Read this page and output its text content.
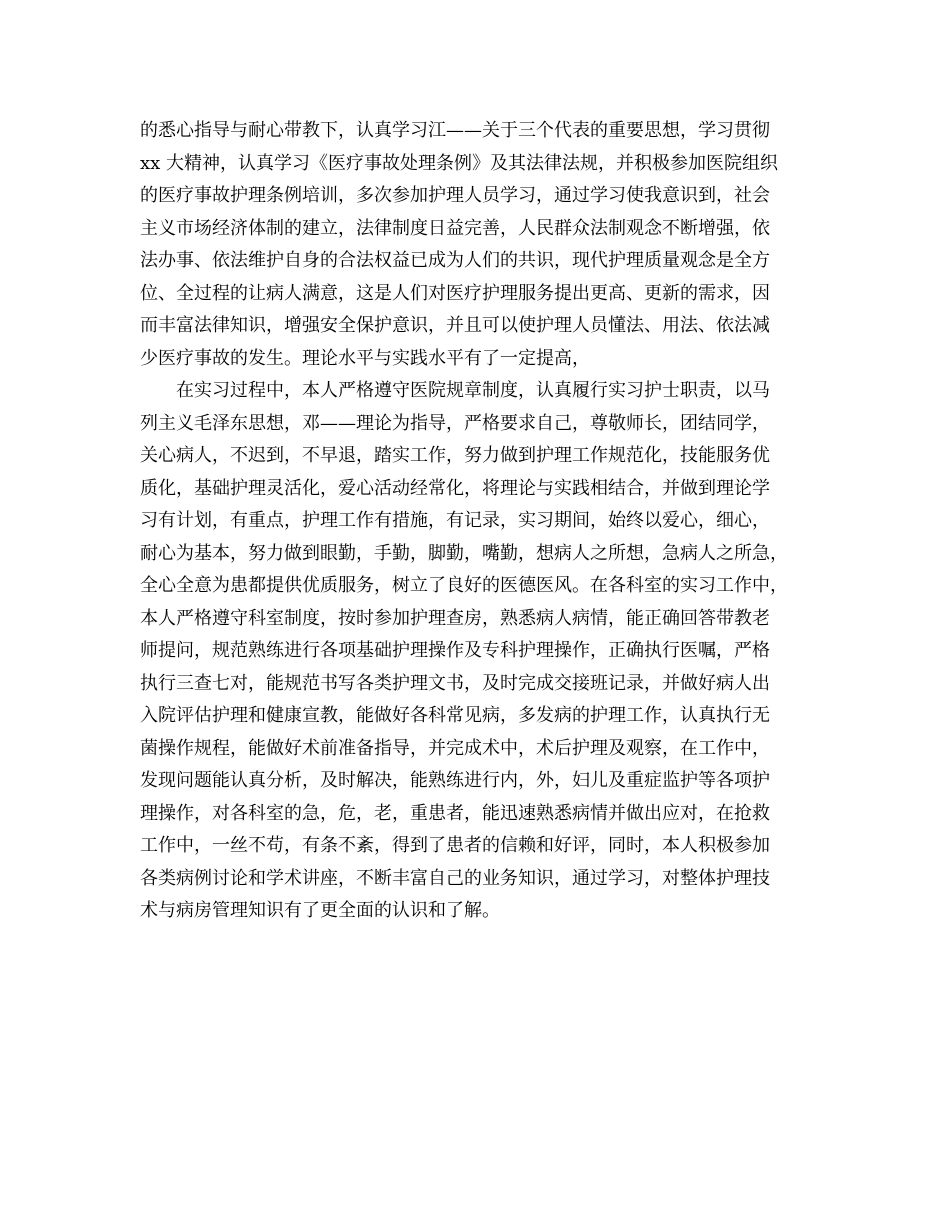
的悉心指导与耐心带教下，认真学习江——关于三个代表的重要思想，学习贯彻
xx 大精神，认真学习《医疗事故处理条例》及其法律法规，并积极参加医院组织
的医疗事故护理条例培训，多次参加护理人员学习，通过学习使我意识到，社会
主义市场经济体制的建立，法律制度日益完善，人民群众法制观念不断增强，依
法办事、依法维护自身的合法权益已成为人们的共识，现代护理质量观念是全方
位、全过程的让病人满意，这是人们对医疗护理服务提出更高、更新的需求，因
而丰富法律知识，增强安全保护意识，并且可以使护理人员懂法、用法、依法减
少医疗事故的发生。理论水平与实践水平有了一定提高，
在实习过程中，本人严格遵守医院规章制度，认真履行实习护士职责，以马
列主义毛泽东思想，邓——理论为指导，严格要求自己，尊敬师长，团结同学，
关心病人，不迟到，不早退，踏实工作，努力做到护理工作规范化，技能服务优
质化，基础护理灵活化，爱心活动经常化，将理论与实践相结合，并做到理论学
习有计划，有重点，护理工作有措施，有记录，实习期间，始终以爱心，细心，
耐心为基本，努力做到眼勤，手勤，脚勤，嘴勤，想病人之所想，急病人之所急，
全心全意为患都提供优质服务，树立了良好的医德医风。在各科室的实习工作中，
本人严格遵守科室制度，按时参加护理查房，熟悉病人病情，能正确回答带教老
师提问，规范熟练进行各项基础护理操作及专科护理操作，正确执行医嘱，严格
执行三查七对，能规范书写各类护理文书，及时完成交接班记录，并做好病人出
入院评估护理和健康宣教，能做好各科常见病，多发病的护理工作，认真执行无
菌操作规程，能做好术前准备指导，并完成术中，术后护理及观察，在工作中，
发现问题能认真分析，及时解决，能熟练进行内，外，妇儿及重症监护等各项护
理操作，对各科室的急，危，老，重患者，能迅速熟悉病情并做出应对，在抢救
工作中，一丝不苟，有条不紊，得到了患者的信赖和好评，同时，本人积极参加
各类病例讨论和学术讲座，不断丰富自己的业务知识，通过学习，对整体护理技
术与病房管理知识有了更全面的认识和了解。
